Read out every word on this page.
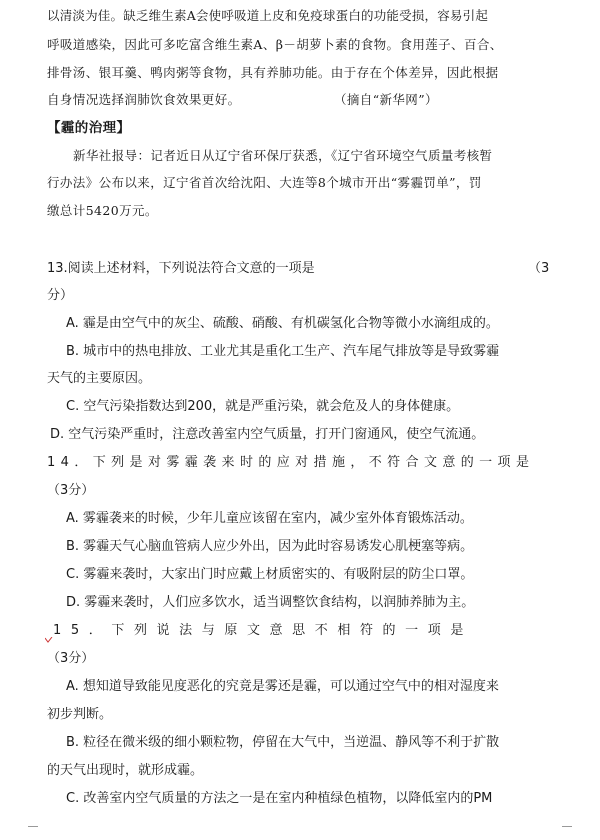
以清淡为佳。缺乏维生素A会使呼吸道上皮和免疫球蛋白的功能受损，容易引起
呼吸道感染，因此可多吃富含维生素A、β－胡萝卜素的食物。食用莲子、百合、
排骨汤、银耳羹、鸭肉粥等食物，具有养肺功能。由于存在个体差异，因此根据
自身情况选择润肺饮食效果更好。	（摘自“新华网”）
【霾的治理】
新华社报导：记者近日从辽宁省环保厅获悉，《辽宁省环境空气质量考核暂
行办法》公布以来，辽宁省首次给沈阳、大连等8个城市开出“雾霾罚单”，罚
缴总计5420万元。
13.阅读上述材料，下列说法符合文意的一项是	（3
分）
A. 霾是由空气中的灰尘、硫酸、硝酸、有机碳氢化合物等微小水滴组成的。
B. 城市中的热电排放、工业尤其是重化工生产、汽车尾气排放等是导致雾霾
天气的主要原因。
C. 空气污染指数达到200，就是严重污染，就会危及人的身体健康。
D. 空气污染严重时，注意改善室内空气质量，打开门窗通风，使空气流通。
14．下列是对雾霾袭来时的应对措施，不符合文意的一项是
（3分）
A. 雾霾袭来的时候，少年儿童应该留在室内，减少室外体育锻炼活动。
B. 雾霾天气心脑血管病人应少外出，因为此时容易诱发心肌梗塞等病。
C. 雾霾来袭时，大家出门时应戴上材质密实的、有吸附层的防尘口罩。
D. 雾霾来袭时，人们应多饮水，适当调整饮食结构，以润肺养肺为主。
15．下列说法与原文意思不相符的一项是
（3分）
A. 想知道导致能见度恶化的究竟是雾还是霾，可以通过空气中的相对湿度来
初步判断。
B. 粒径在微米级的细小颗粒物，停留在大气中，当逆温、静风等不利于扩散
的天气出现时，就形成霾。
C. 改善室内空气质量的方法之一是在室内种植绿色植物，以降低室内的PM
